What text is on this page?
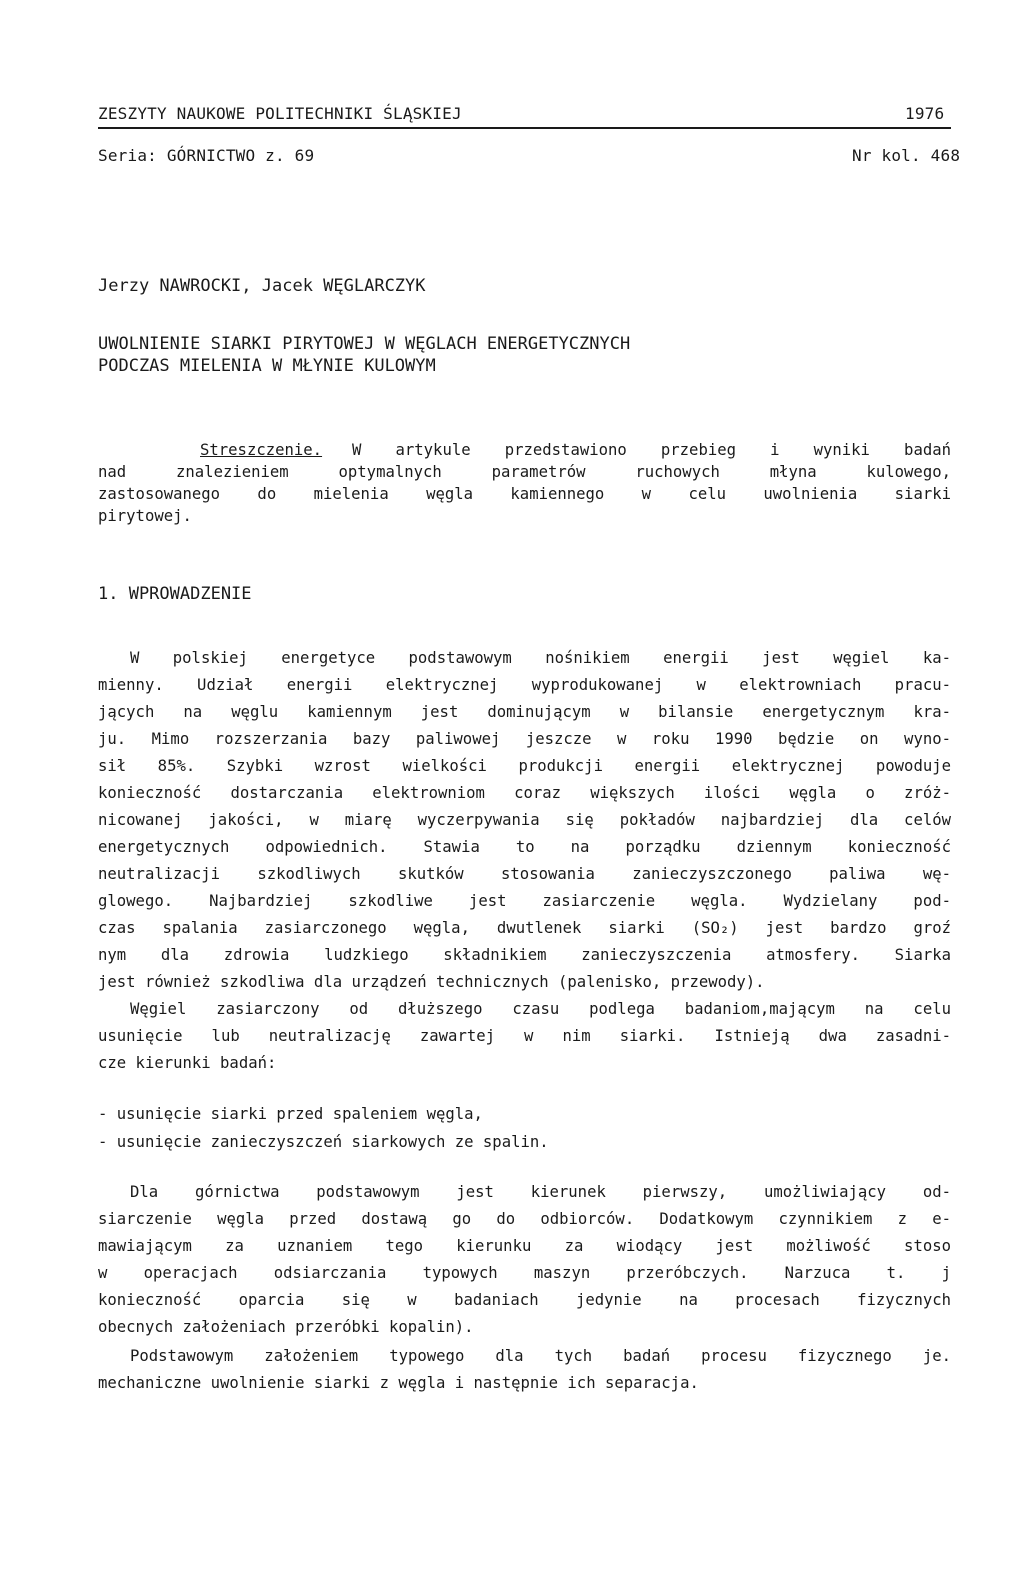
ZESZYTY NAUKOWE POLITECHNIKI ŚLĄSKIEJ	1976
Seria: GÓRNICTWO z. 69	Nr kol. 468
Jerzy NAWROCKI, Jacek WĘGLARCZYK
UWOLNIENIE SIARKI PIRYTOWEJ W WĘGLACH ENERGETYCZNYCH
PODCZAS MIELENIA W MŁYNIE KULOWYM
Streszczenie. W artykule przedstawiono przebieg i wyniki badań
nad znalezieniem optymalnych parametrów ruchowych młyna kulowego,
zastosowanego do mielenia węgla kamiennego w celu uwolnienia siarki
pirytowej.
1. WPROWADZENIE
W polskiej energetyce podstawowym nośnikiem energii jest węgiel ka-
mienny. Udział energii elektrycznej wyprodukowanej w elektrowniach pracu-
jących na węglu kamiennym jest dominującym w bilansie energetycznym kra-
ju. Mimo rozszerzania bazy paliwowej jeszcze w roku 1990 będzie on wyno-
sił 85%. Szybki wzrost wielkości produkcji energii elektrycznej powoduje
konieczność dostarczania elektrowniom coraz większych ilości węgla o zróż-
nicowanej jakości, w miarę wyczerpywania się pokładów najbardziej dla celów
energetycznych odpowiednich. Stawia to na porządku dziennym konieczność
neutralizacji szkodliwych skutków stosowania zanieczyszczonego paliwa wę-
glowego. Najbardziej szkodliwe jest zasiarczenie węgla. Wydzielany pod-
czas spalania zasiarczonego węgla, dwutlenek siarki (SO₂) jest bardzo groź
nym dla zdrowia ludzkiego składnikiem zanieczyszczenia atmosfery. Siarka
jest również szkodliwa dla urządzeń technicznych (palenisko, przewody).
Węgiel zasiarczony od dłuższego czasu podlega badaniom,mającym na celu
usunięcie lub neutralizację zawartej w nim siarki. Istnieją dwa zasadni-
cze kierunki badań:
- usunięcie siarki przed spaleniem węgla,
- usunięcie zanieczyszczeń siarkowych ze spalin.
Dla górnictwa podstawowym jest kierunek pierwszy, umożliwiający od-
siarczenie węgla przed dostawą go do odbiorców. Dodatkowym czynnikiem z e-
mawiającym za uznaniem tego kierunku za wiodący jest możliwość stoso
w operacjach odsiarczania typowych maszyn przeróbczych. Narzuca t. j
konieczność oparcia się w badaniach jedynie na procesach fizycznych
obecnych założeniach przeróbki kopalin).
Podstawowym założeniem typowego dla tych badań procesu fizycznego je.
mechaniczne uwolnienie siarki z węgla i następnie ich separacja.
